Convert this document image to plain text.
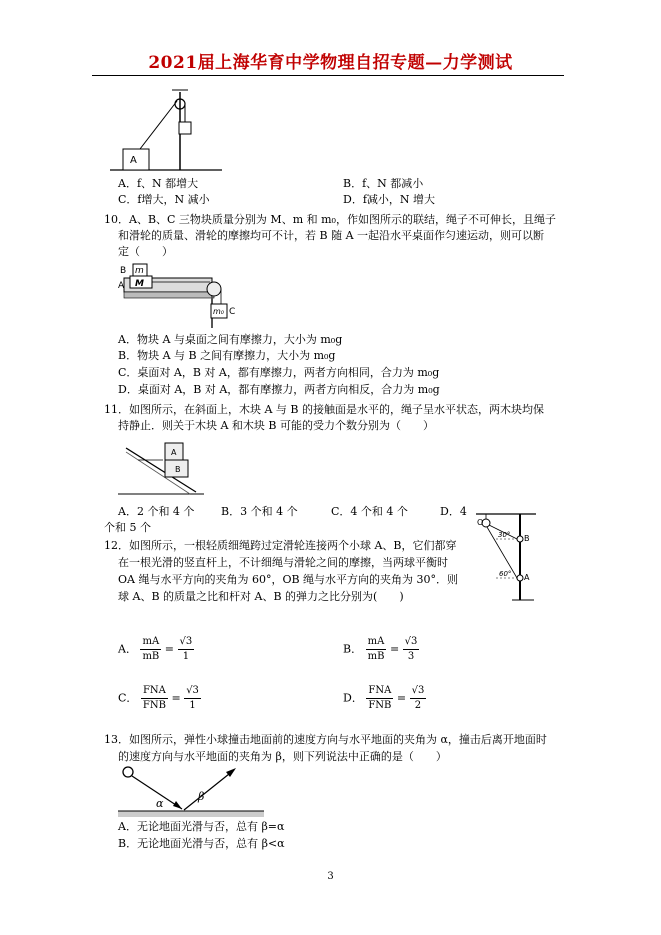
2021届上海华育中学物理自招专题—力学测试
A
A．f、N 都增大	B．f、N 都减小
C．f增大，N 减小	D．f减小，N 增大
10．A、B、C 三物块质量分别为 M、m 和 m₀，作如图所示的联结，绳子不可伸长，且绳子
和滑轮的质量、滑轮的摩擦均可不计，若 B 随 A 一起沿水平桌面作匀速运动，则可以断
定（　　）
B m
A M
m₀ C
A．物块 A 与桌面之间有摩擦力，大小为 m₀g
B．物块 A 与 B 之间有摩擦力，大小为 m₀g
C．桌面对 A，B 对 A，都有摩擦力，两者方向相同，合力为 m₀g
D．桌面对 A，B 对 A，都有摩擦力，两者方向相反，合力为 m₀g
11．如图所示，在斜面上，木块 A 与 B 的接触面是水平的，绳子呈水平状态，两木块均保
持静止．则关于木块 A 和木块 B 可能的受力个数分别为（　　）
A
B
A．2 个和 4 个 B．3 个和 4 个	C．4 个和 4 个	D．4
个和 5 个
12．如图所示，一根轻质细绳跨过定滑轮连接两个小球 A、B，它们都穿
在一根光滑的竖直杆上，不计细绳与滑轮之间的摩擦，当两球平衡时
OA 绳与水平方向的夹角为 60°，OB 绳与水平方向的夹角为 30°．则
球 A、B 的质量之比和杆对 A、B 的弹力之比分别为(　　)
O
B
A
30°
60°
A． $\frac{mA}{mB} = \frac{√3}{1}$	B． $\frac{mA}{mB} = \frac{√3}{3}$
C． $\frac{\text{FNA}}{\text{FNB}} = \frac{√3}{1}$	D． $\frac{\text{FNA}}{\text{FNB}} = \frac{√3}{2}$
13．如图所示，弹性小球撞击地面前的速度方向与水平地面的夹角为 α，撞击后离开地面时
的速度方向与水平地面的夹角为 β，则下列说法中正确的是（　　）
α
β
A．无论地面光滑与否，总有 β=α
B．无论地面光滑与否，总有 β<α
3
